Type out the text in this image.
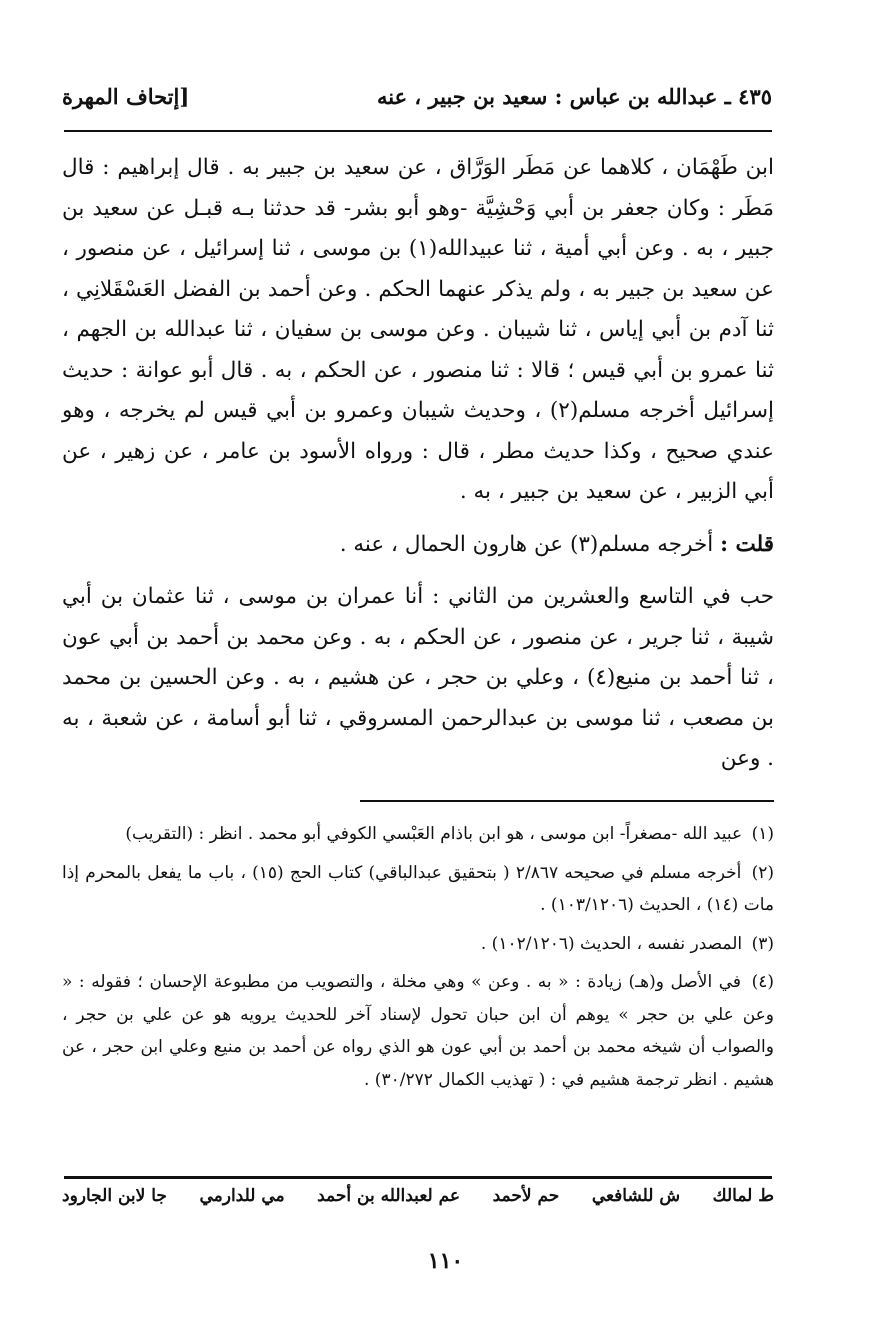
٤٣٥ ـ عبدالله بن عباس : سعيد بن جبير ، عنه
[إتحاف المهرة

ابن طَهْمَان ، كلاهما عن مَطَر الوَرَّاق ، عن سعيد بن جبير به . قال إبراهيم : قال مَطَر : وكان جعفر بن أبي وَحْشِيَّة -وهو أبو بشر- قد حدثنا بـه قبـل عن سعيد بن جبير ، به . وعن أبي أمية ، ثنا عبيدالله(١) بن موسى ، ثنا إسرائيل ، عن منصور ، عن سعيد بن جبير به ، ولم يذكر عنهما الحكم . وعن أحمد بن الفضل العَسْقَلانِي ، ثنا آدم بن أبي إياس ، ثنا شيبان . وعن موسى بن سفيان ، ثنا عبدالله بن الجهم ، ثنا عمرو بن أبي قيس ؛ قالا : ثنا منصور ، عن الحكم ، به . قال أبو عوانة : حديث إسرائيل أخرجه مسلم(٢) ، وحديث شيبان وعمرو بن أبي قيس لم يخرجه ، وهو عندي صحيح ، وكذا حديث مطر ، قال : ورواه الأسود بن عامر ، عن زهير ، عن أبي الزبير ، عن سعيد بن جبير ، به .

قلت : أخرجه مسلم(٣) عن هارون الحمال ، عنه .

حب في التاسع والعشرين من الثاني : أنا عمران بن موسى ، ثنا عثمان بن أبي شيبة ، ثنا جرير ، عن منصور ، عن الحكم ، به . وعن محمد بن أحمد بن أبي عون ، ثنا أحمد بن منيع(٤) ، وعلي بن حجر ، عن هشيم ، به . وعن الحسين بن محمد بن مصعب ، ثنا موسى بن عبدالرحمن المسروقي ، ثنا أبو أسامة ، عن شعبة ، به . وعن

(١) عبيد الله -مصغراً- ابن موسى ، هو ابن باذام العَبْسي الكوفي أبو محمد . انظر : (التقريب)

(٢) أخرجه مسلم في صحيحه ٢/٨٦٧ ( بتحقيق عبدالباقي) كتاب الحج (١٥) ، باب ما يفعل بالمحرم إذا مات (١٤) ، الحديث (١٠٣/١٢٠٦) .

(٣) المصدر نفسه ، الحديث (١٠٢/١٢٠٦) .

(٤) في الأصل و(هـ) زيادة : « به . وعن » وهي مخلة ، والتصويب من مطبوعة الإحسان ؛ فقوله : « وعن علي بن حجر » يوهم أن ابن حبان تحول لإسناد آخر للحديث يرويه هو عن علي بن حجر ، والصواب أن شيخه محمد بن أحمد بن أبي عون هو الذي رواه عن أحمد بن منيع وعلي ابن حجر ، عن هشيم . انظر ترجمة هشيم في : ( تهذيب الكمال ٣٠/٢٧٢) .

ط لمالك
ش للشافعي
حم لأحمد
عم لعبدالله بن أحمد
مي للدارمي
جا لابن الجارود
١١٠
